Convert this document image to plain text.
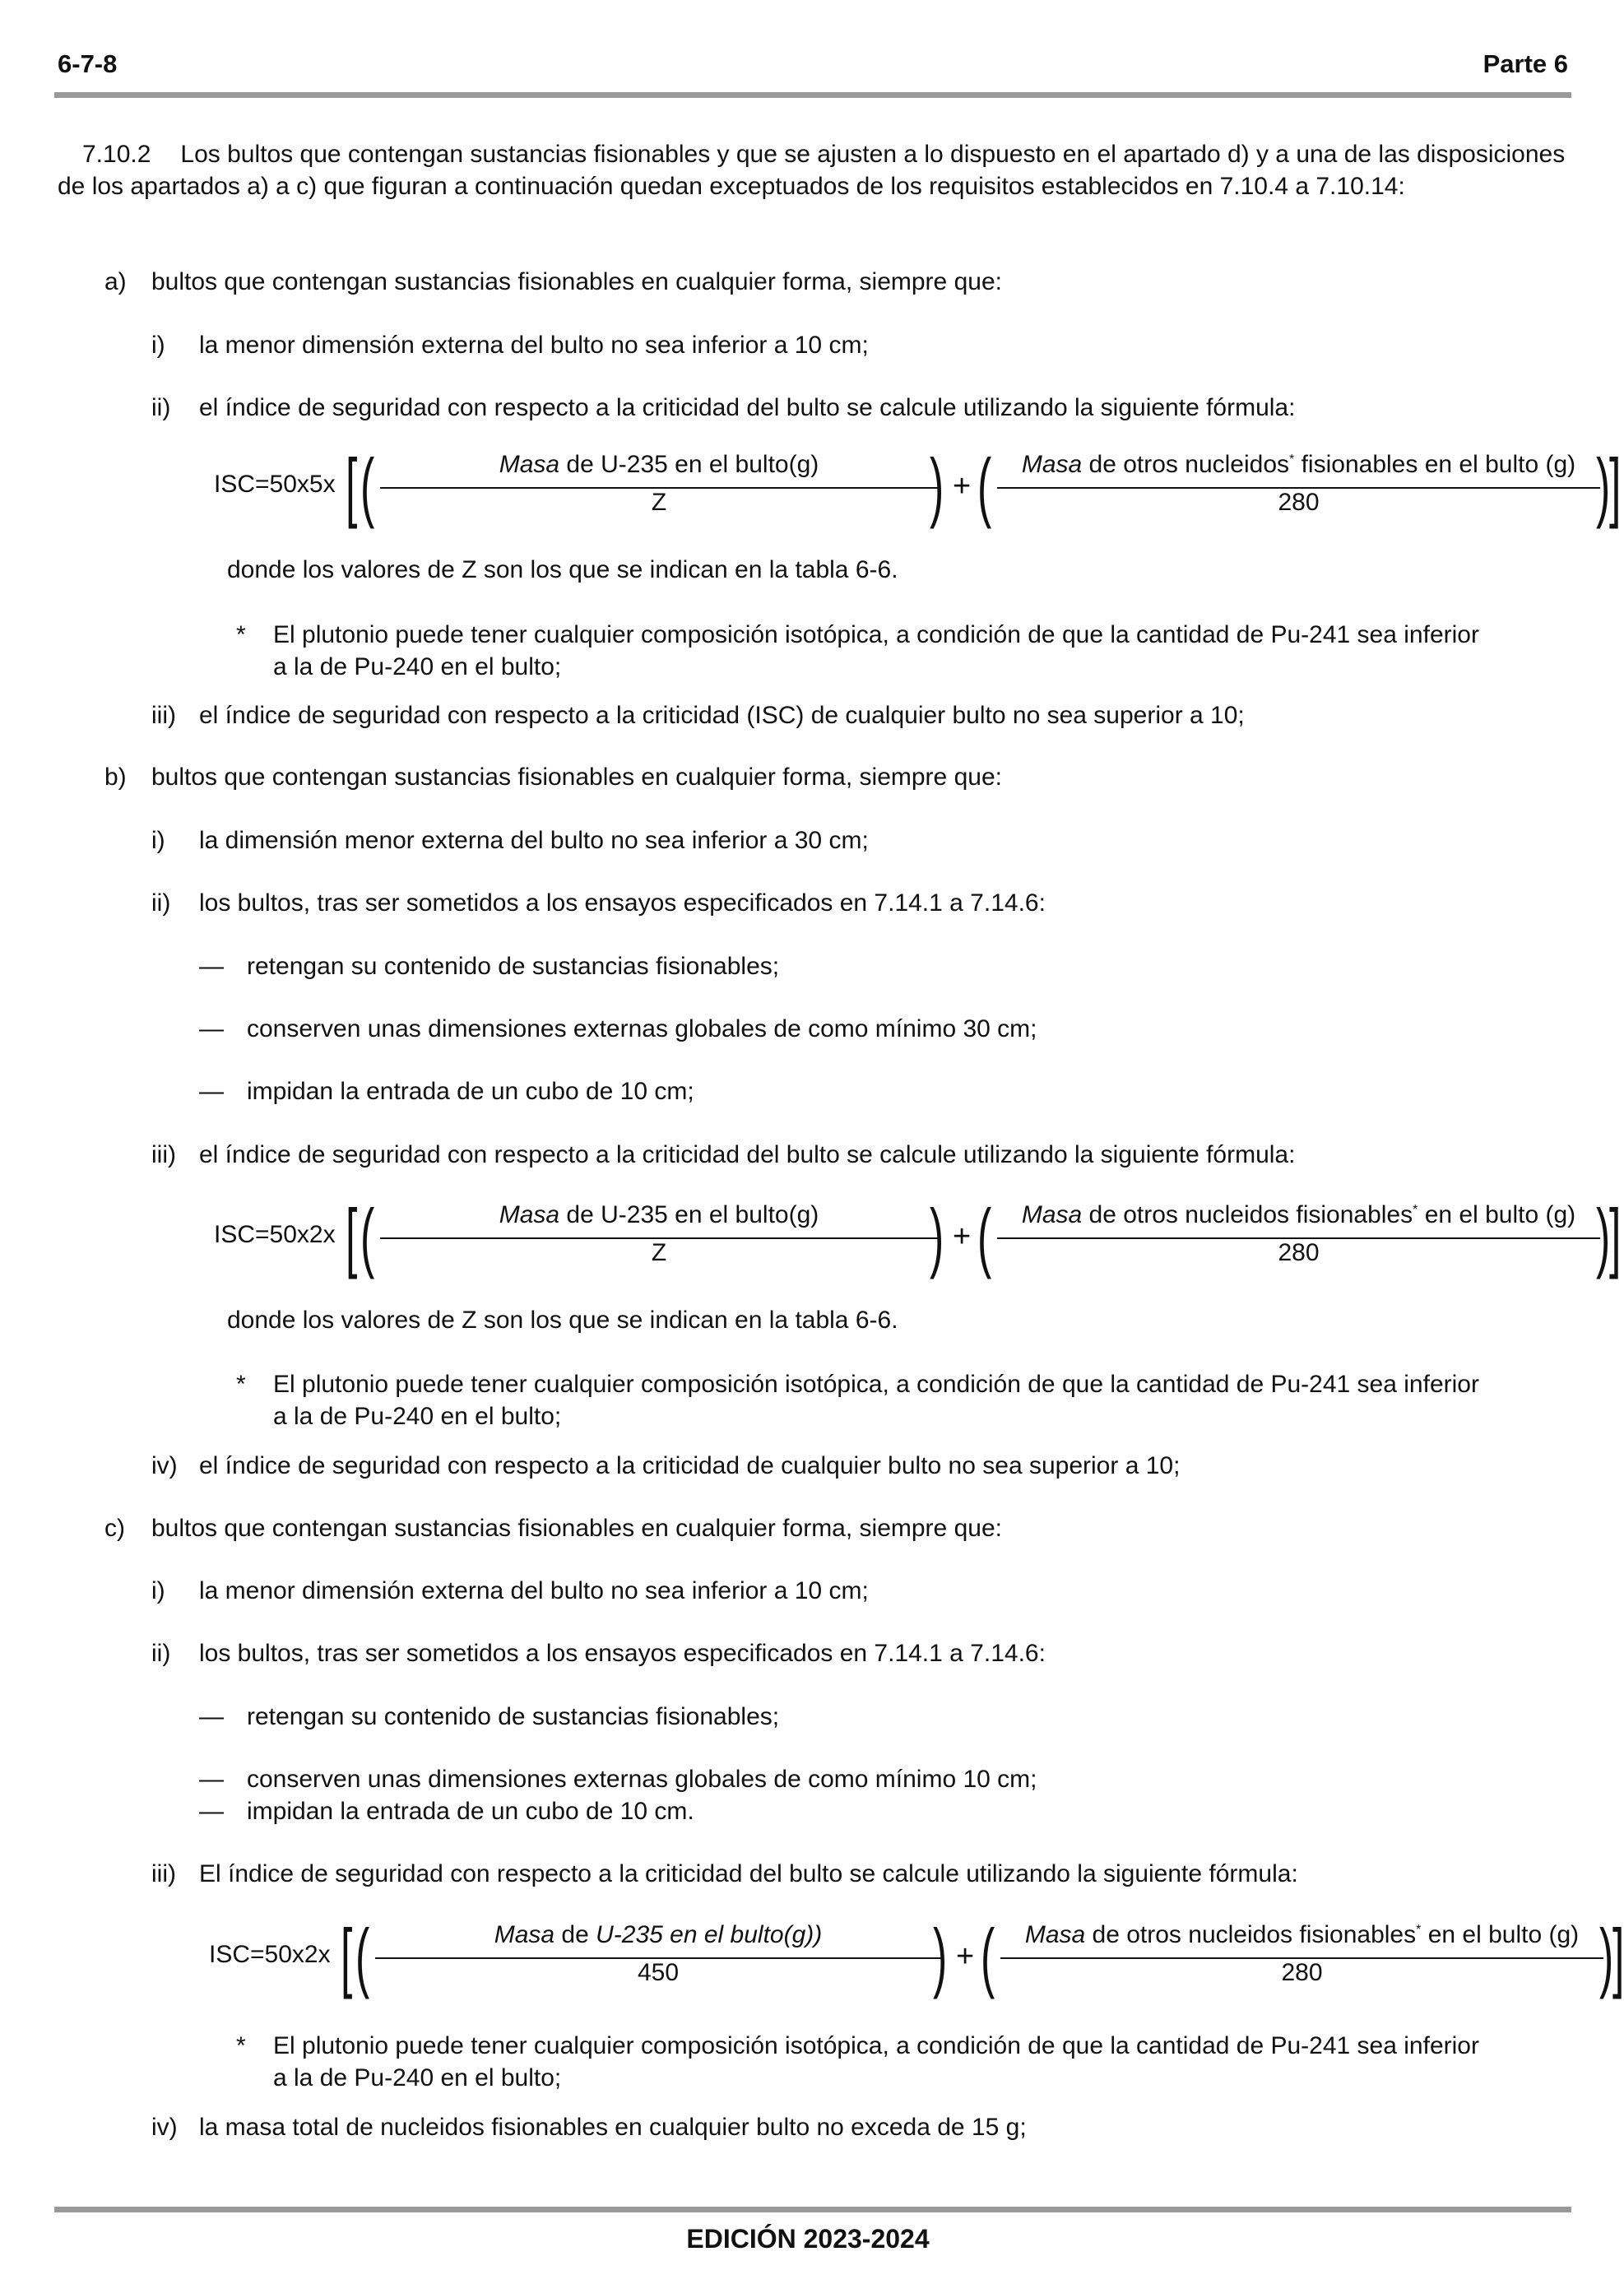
6-7-8	Parte 6
7.10.2 Los bultos que contengan sustancias fisionables y que se ajusten a lo dispuesto en el apartado d) y a una de las disposiciones de los apartados a) a c) que figuran a continuación quedan exceptuados de los requisitos establecidos en 7.10.4 a 7.10.14:
a) bultos que contengan sustancias fisionables en cualquier forma, siempre que:
i) la menor dimensión externa del bulto no sea inferior a 10 cm;
ii) el índice de seguridad con respecto a la criticidad del bulto se calcule utilizando la siguiente fórmula:
ISC=50x5x [ (	Masa de U-235 en el bulto(g)
Z	) + (	Masa de otros nucleidos* fisionables en el bulto (g)
280	)
]
donde los valores de Z son los que se indican en la tabla 6-6.
* El plutonio puede tener cualquier composición isotópica, a condición de que la cantidad de Pu-241 sea inferior
a la de Pu-240 en el bulto;
iii) el índice de seguridad con respecto a la criticidad (ISC) de cualquier bulto no sea superior a 10;
b) bultos que contengan sustancias fisionables en cualquier forma, siempre que:
i) la dimensión menor externa del bulto no sea inferior a 30 cm;
ii) los bultos, tras ser sometidos a los ensayos especificados en 7.14.1 a 7.14.6:
— retengan su contenido de sustancias fisionables;
— conserven unas dimensiones externas globales de como mínimo 30 cm;
— impidan la entrada de un cubo de 10 cm;
iii) el índice de seguridad con respecto a la criticidad del bulto se calcule utilizando la siguiente fórmula:
ISC=50x2x [ (	Masa de U-235 en el bulto(g)
Z	) + (	Masa de otros nucleidos fisionables* en el bulto (g)
280	)
]
donde los valores de Z son los que se indican en la tabla 6-6.
* El plutonio puede tener cualquier composición isotópica, a condición de que la cantidad de Pu-241 sea inferior
a la de Pu-240 en el bulto;
iv) el índice de seguridad con respecto a la criticidad de cualquier bulto no sea superior a 10;
c) bultos que contengan sustancias fisionables en cualquier forma, siempre que:
i) la menor dimensión externa del bulto no sea inferior a 10 cm;
ii) los bultos, tras ser sometidos a los ensayos especificados en 7.14.1 a 7.14.6:
— retengan su contenido de sustancias fisionables;
— conserven unas dimensiones externas globales de como mínimo 10 cm;
— impidan la entrada de un cubo de 10 cm.
iii) El índice de seguridad con respecto a la criticidad del bulto se calcule utilizando la siguiente fórmula:
ISC=50x2x [ (	Masa de U-235 en el bulto(g))
450	) + (	Masa de otros nucleidos fisionables* en el bulto (g)
280	)
]
* El plutonio puede tener cualquier composición isotópica, a condición de que la cantidad de Pu-241 sea inferior
a la de Pu-240 en el bulto;
iv) la masa total de nucleidos fisionables en cualquier bulto no exceda de 15 g;
EDICIÓN 2023-2024
